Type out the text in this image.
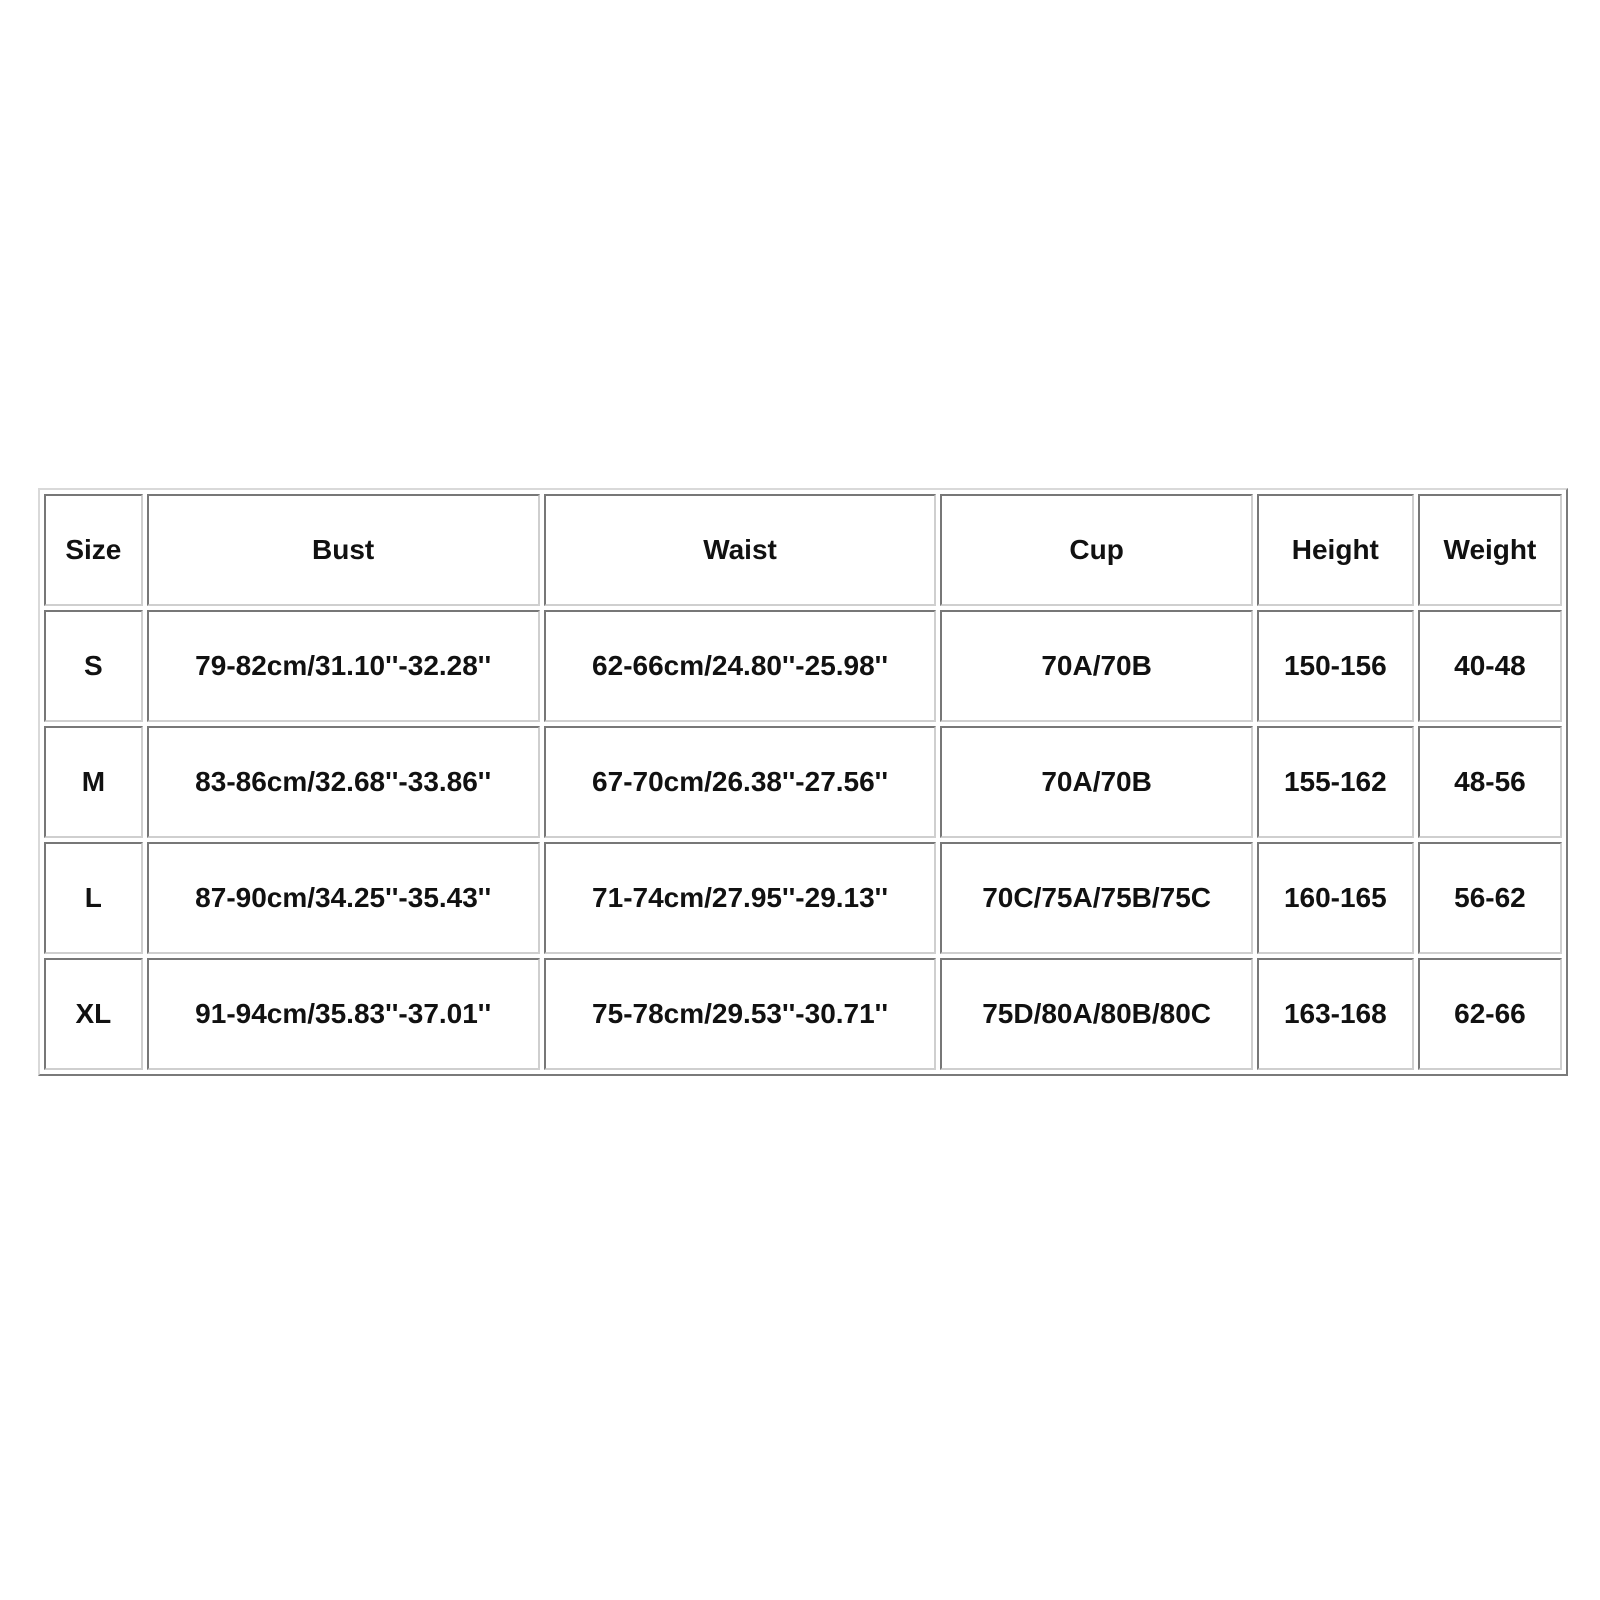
Size	Bust	Waist	Cup	Height	Weight
S	79-82cm/31.10''-32.28''	62-66cm/24.80''-25.98''	70A/70B	150-156	40-48
M	83-86cm/32.68''-33.86''	67-70cm/26.38''-27.56''	70A/70B	155-162	48-56
L	87-90cm/34.25''-35.43''	71-74cm/27.95''-29.13''	70C/75A/75B/75C	160-165	56-62
XL	91-94cm/35.83''-37.01''	75-78cm/29.53''-30.71''	75D/80A/80B/80C	163-168	62-66
